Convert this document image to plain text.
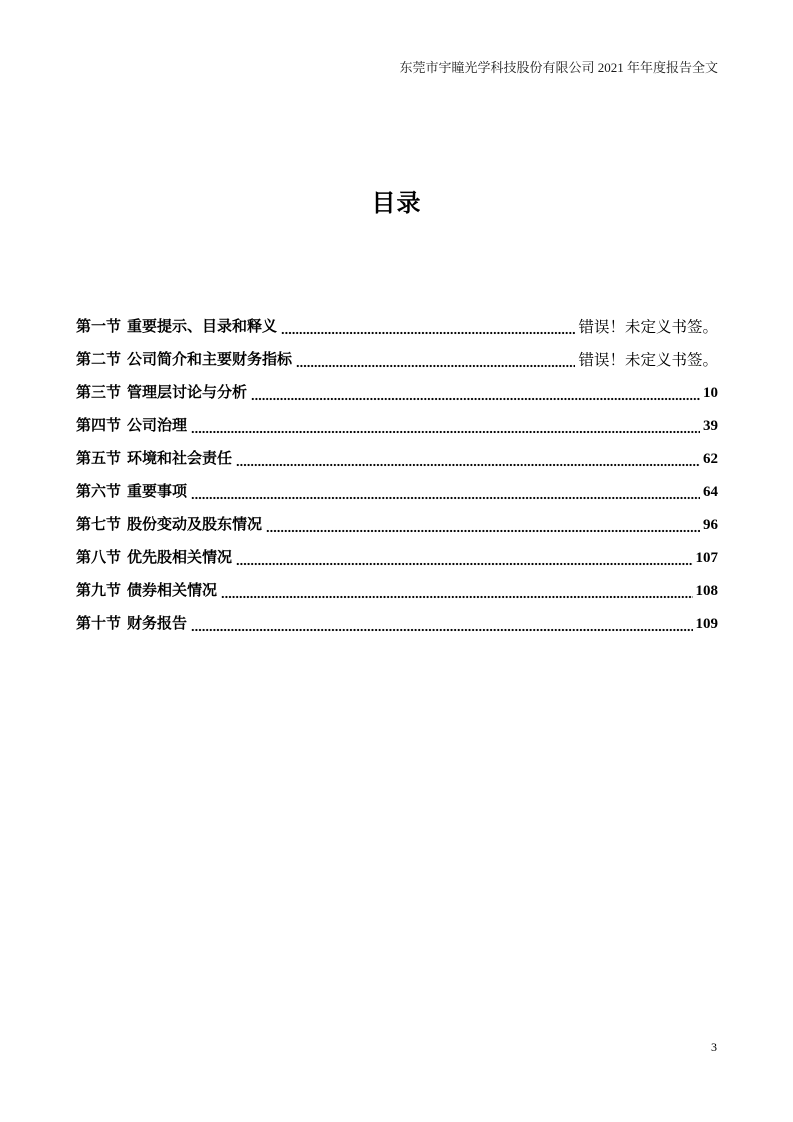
东莞市宇瞳光学科技股份有限公司 2021 年年度报告全文
目录
第一节 重要提示、目录和释义	错误！未定义书签。
第二节 公司简介和主要财务指标	错误！未定义书签。
第三节 管理层讨论与分析	10
第四节 公司治理	39
第五节 环境和社会责任	62
第六节 重要事项	64
第七节 股份变动及股东情况	96
第八节 优先股相关情况	107
第九节 债券相关情况	108
第十节 财务报告	109
3
